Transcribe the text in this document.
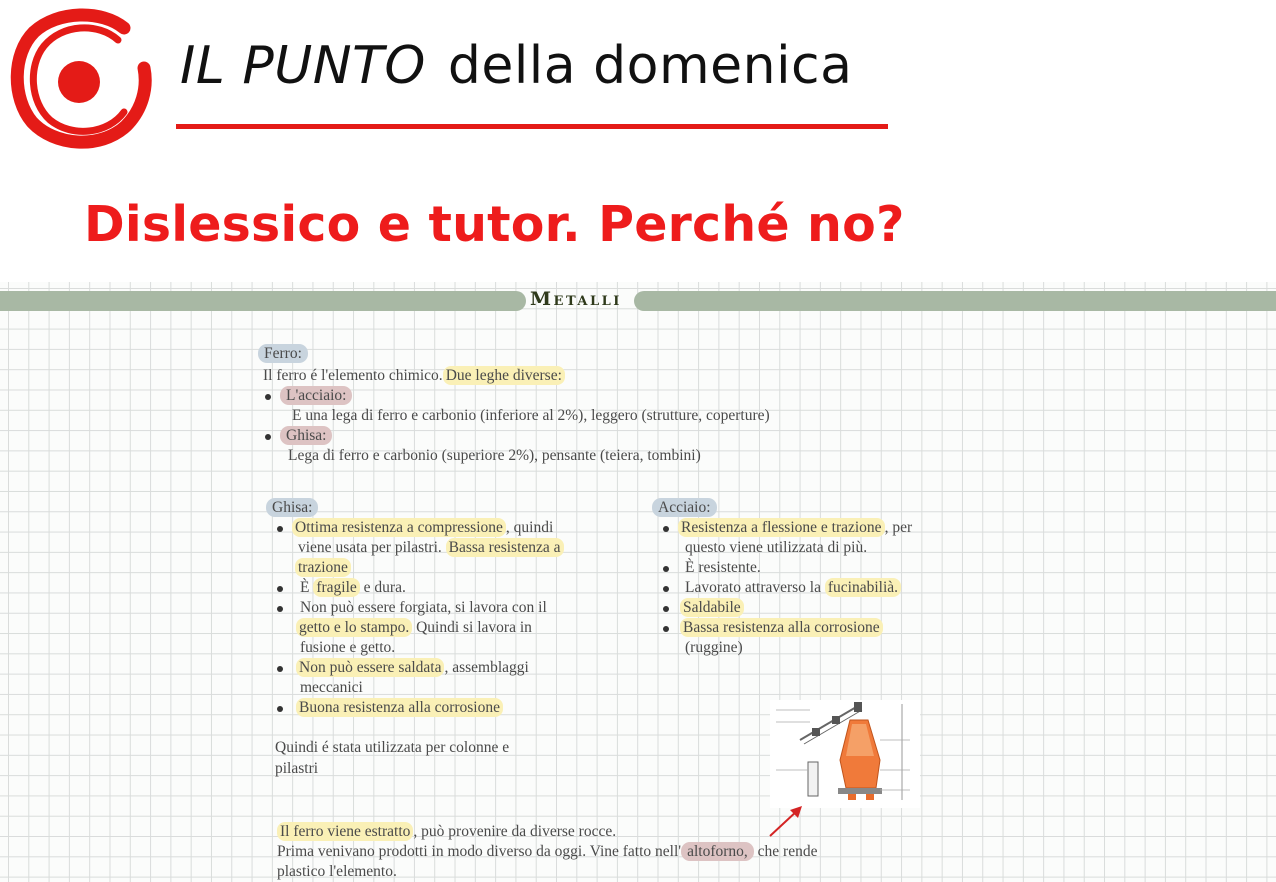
IL PUNTO della domenica
Dislessico e tutor. Perché no?
Metalli
Ferro:
Il ferro é l'elemento chimico. Due leghe diverse:
L'acciaio:
E una lega di ferro e carbonio (inferiore al 2%), leggero (strutture, coperture)
Ghisa:
Lega di ferro e carbonio (superiore 2%), pensante (teiera, tombini)
Ghisa:
Ottima resistenza a compressione , quindi
viene usata per pilastri. Bassa resistenza a
trazione
È fragile e dura.
Non può essere forgiata, si lavora con il
getto e lo stampo. Quindi si lavora in
fusione e getto.
Non può essere saldata , assemblaggi
meccanici
Buona resistenza alla corrosione
Quindi é stata utilizzata per colonne e
pilastri
Acciaio:
Resistenza a flessione e trazione , per
questo viene utilizzata di più.
È resistente.
Lavorato attraverso la fucinabilià.
Saldabile
Bassa resistenza alla corrosione
(ruggine)
Il ferro viene estratto , può provenire da diverse rocce.
Prima venivano prodotti in modo diverso da oggi. Vine fatto nell' altoforno, che rende
plastico l'elemento.
